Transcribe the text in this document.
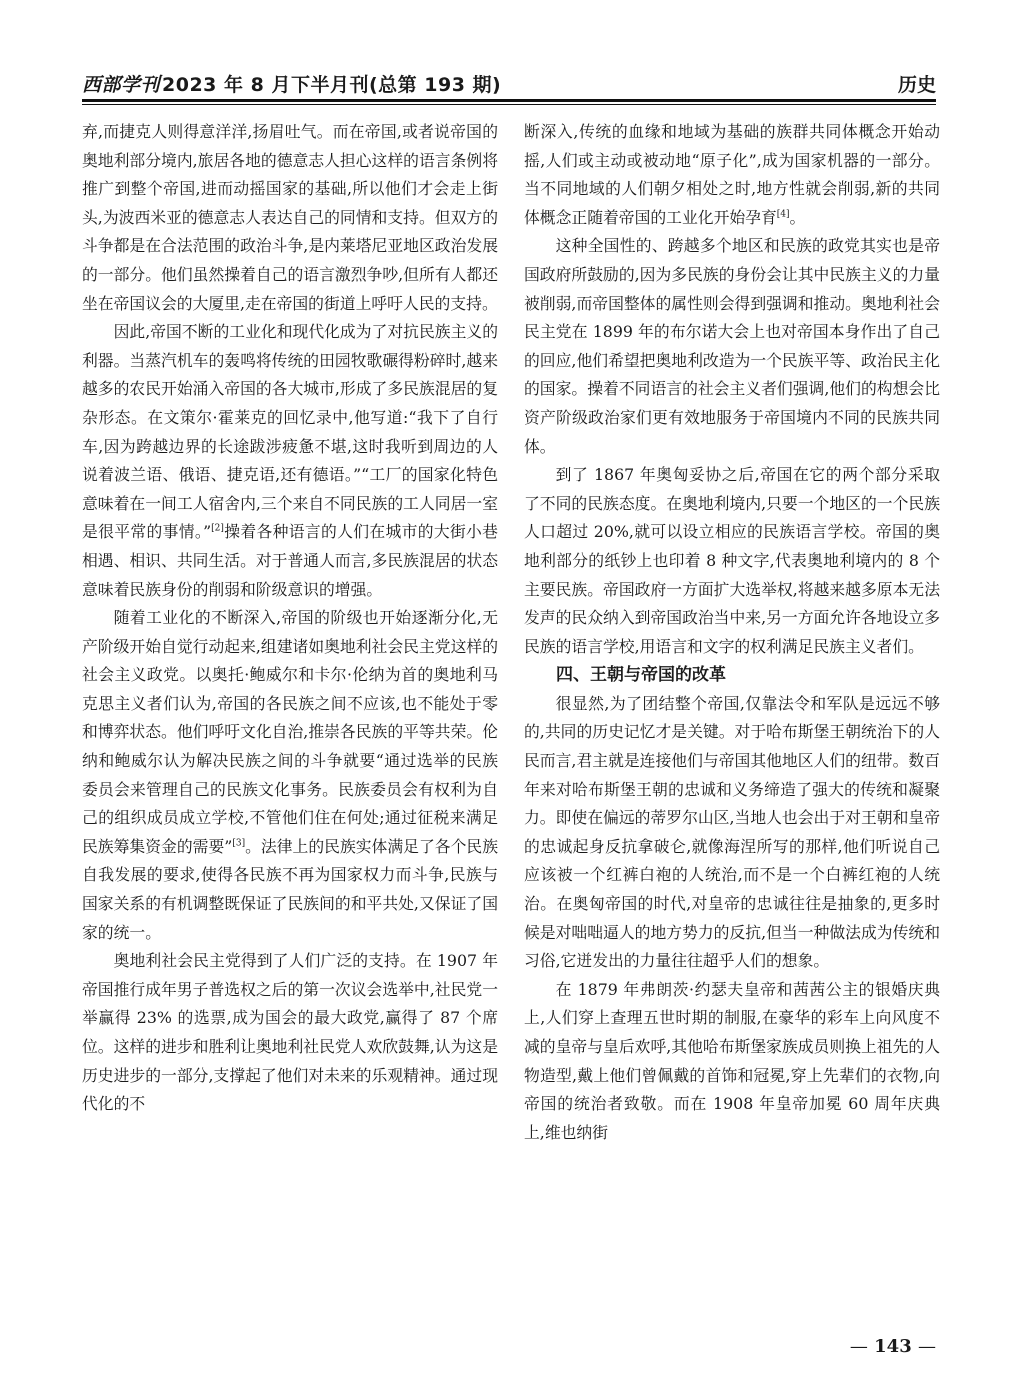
西部学刊 2023 年 8 月下半月刊(总第 193 期)	历史

弃,而捷克人则得意洋洋,扬眉吐气。而在帝国,或者说帝国的奥地利部分境内,旅居各地的德意志人担心这样的语言条例将推广到整个帝国,进而动摇国家的基础,所以他们才会走上街头,为波西米亚的德意志人表达自己的同情和支持。但双方的斗争都是在合法范围的政治斗争,是内莱塔尼亚地区政治发展的一部分。他们虽然操着自己的语言激烈争吵,但所有人都还坐在帝国议会的大厦里,走在帝国的街道上呼吁人民的支持。

因此,帝国不断的工业化和现代化成为了对抗民族主义的利器。当蒸汽机车的轰鸣将传统的田园牧歌碾得粉碎时,越来越多的农民开始涌入帝国的各大城市,形成了多民族混居的复杂形态。在文策尔·霍莱克的回忆录中,他写道:“我下了自行车,因为跨越边界的长途跋涉疲惫不堪,这时我听到周边的人说着波兰语、俄语、捷克语,还有德语。”“工厂的国家化特色意味着在一间工人宿舍内,三个来自不同民族的工人同居一室是很平常的事情。”[2]操着各种语言的人们在城市的大街小巷相遇、相识、共同生活。对于普通人而言,多民族混居的状态意味着民族身份的削弱和阶级意识的增强。

随着工业化的不断深入,帝国的阶级也开始逐渐分化,无产阶级开始自觉行动起来,组建诸如奥地利社会民主党这样的社会主义政党。以奥托·鲍威尔和卡尔·伦纳为首的奥地利马克思主义者们认为,帝国的各民族之间不应该,也不能处于零和博弈状态。他们呼吁文化自治,推崇各民族的平等共荣。伦纳和鲍威尔认为解决民族之间的斗争就要“通过选举的民族委员会来管理自己的民族文化事务。民族委员会有权利为自己的组织成员成立学校,不管他们住在何处;通过征税来满足民族筹集资金的需要”[3]。法律上的民族实体满足了各个民族自我发展的要求,使得各民族不再为国家权力而斗争,民族与国家关系的有机调整既保证了民族间的和平共处,又保证了国家的统一。

奥地利社会民主党得到了人们广泛的支持。在 1907 年帝国推行成年男子普选权之后的第一次议会选举中,社民党一举赢得 23% 的选票,成为国会的最大政党,赢得了 87 个席位。这样的进步和胜利让奥地利社民党人欢欣鼓舞,认为这是历史进步的一部分,支撑起了他们对未来的乐观精神。通过现代化的不

断深入,传统的血缘和地域为基础的族群共同体概念开始动摇,人们或主动或被动地“原子化”,成为国家机器的一部分。当不同地域的人们朝夕相处之时,地方性就会削弱,新的共同体概念正随着帝国的工业化开始孕育[4]。

这种全国性的、跨越多个地区和民族的政党其实也是帝国政府所鼓励的,因为多民族的身份会让其中民族主义的力量被削弱,而帝国整体的属性则会得到强调和推动。奥地利社会民主党在 1899 年的布尔诺大会上也对帝国本身作出了自己的回应,他们希望把奥地利改造为一个民族平等、政治民主化的国家。操着不同语言的社会主义者们强调,他们的构想会比资产阶级政治家们更有效地服务于帝国境内不同的民族共同体。

到了 1867 年奥匈妥协之后,帝国在它的两个部分采取了不同的民族态度。在奥地利境内,只要一个地区的一个民族人口超过 20%,就可以设立相应的民族语言学校。帝国的奥地利部分的纸钞上也印着 8 种文字,代表奥地利境内的 8 个主要民族。帝国政府一方面扩大选举权,将越来越多原本无法发声的民众纳入到帝国政治当中来,另一方面允许各地设立多民族的语言学校,用语言和文字的权利满足民族主义者们。

四、王朝与帝国的改革

很显然,为了团结整个帝国,仅靠法令和军队是远远不够的,共同的历史记忆才是关键。对于哈布斯堡王朝统治下的人民而言,君主就是连接他们与帝国其他地区人们的纽带。数百年来对哈布斯堡王朝的忠诚和义务缔造了强大的传统和凝聚力。即使在偏远的蒂罗尔山区,当地人也会出于对王朝和皇帝的忠诚起身反抗拿破仑,就像海涅所写的那样,他们听说自己应该被一个红裤白袍的人统治,而不是一个白裤红袍的人统治。在奥匈帝国的时代,对皇帝的忠诚往往是抽象的,更多时候是对咄咄逼人的地方势力的反抗,但当一种做法成为传统和习俗,它迸发出的力量往往超乎人们的想象。

在 1879 年弗朗茨·约瑟夫皇帝和茜茜公主的银婚庆典上,人们穿上查理五世时期的制服,在豪华的彩车上向风度不减的皇帝与皇后欢呼,其他哈布斯堡家族成员则换上祖先的人物造型,戴上他们曾佩戴的首饰和冠冕,穿上先辈们的衣物,向帝国的统治者致敬。而在 1908 年皇帝加冕 60 周年庆典上,维也纳街

— 143 —
